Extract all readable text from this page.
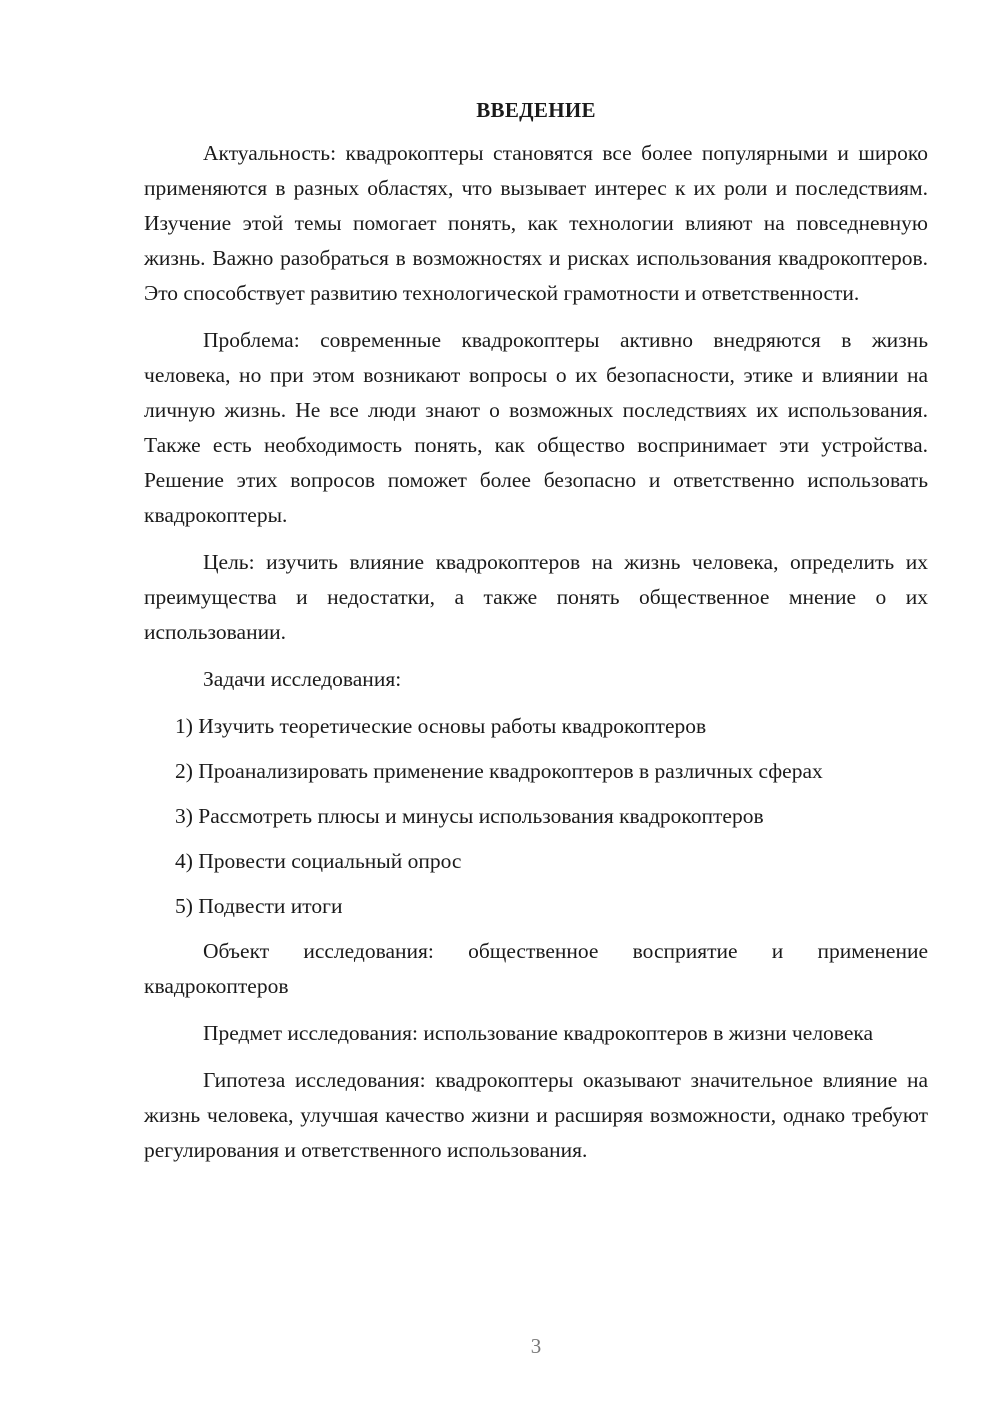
ВВЕДЕНИЕ

Актуальность: квадрокоптеры становятся все более популярными и широко применяются в разных областях, что вызывает интерес к их роли и последствиям. Изучение этой темы помогает понять, как технологии влияют на повседневную жизнь. Важно разобраться в возможностях и рисках использования квадрокоптеров. Это способствует развитию технологической грамотности и ответственности.

Проблема: современные квадрокоптеры активно внедряются в жизнь человека, но при этом возникают вопросы о их безопасности, этике и влиянии на личную жизнь. Не все люди знают о возможных последствиях их использования. Также есть необходимость понять, как общество воспринимает эти устройства. Решение этих вопросов поможет более безопасно и ответственно использовать квадрокоптеры.

Цель: изучить влияние квадрокоптеров на жизнь человека, определить их преимущества и недостатки, а также понять общественное мнение о их использовании.

Задачи исследования:

1) Изучить теоретические основы работы квадрокоптеров
2) Проанализировать применение квадрокоптеров в различных сферах
3) Рассмотреть плюсы и минусы использования квадрокоптеров
4) Провести социальный опрос
5) Подвести итоги

Объект исследования: общественное восприятие и применение квадрокоптеров

Предмет исследования: использование квадрокоптеров в жизни человека

Гипотеза исследования: квадрокоптеры оказывают значительное влияние на жизнь человека, улучшая качество жизни и расширяя возможности, однако требуют регулирования и ответственного использования.

3
